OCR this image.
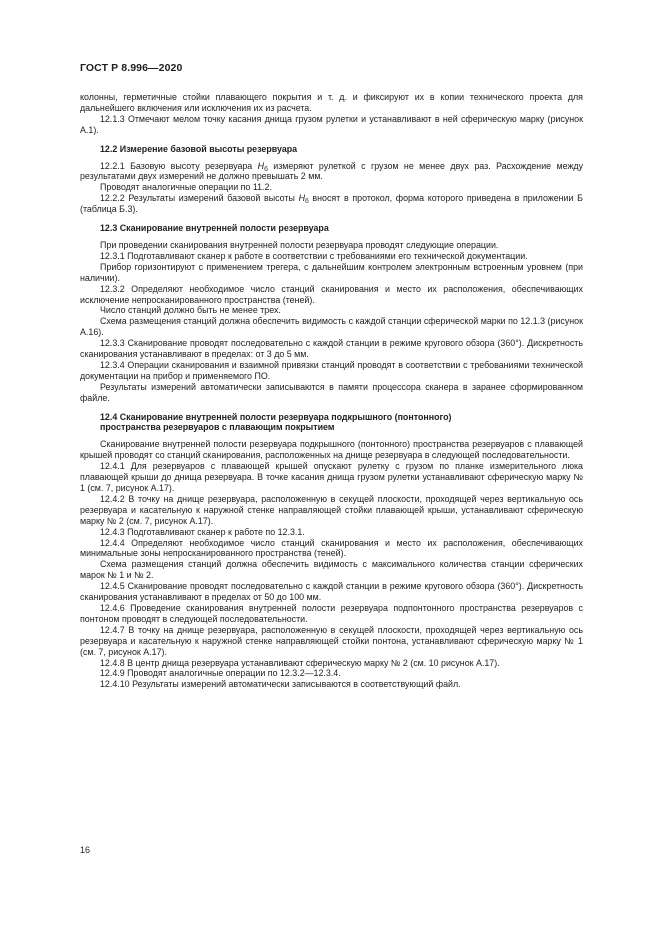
ГОСТ Р 8.996—2020

колонны, герметичные стойки плавающего покрытия и т. д. и фиксируют их в копии технического проекта для дальнейшего включения или исключения их из расчета.

12.1.3 Отмечают мелом точку касания днища грузом рулетки и устанавливают в ней сферическую марку (рисунок А.1).

12.2 Измерение базовой высоты резервуара

12.2.1 Базовую высоту резервуара $H_б$ измеряют рулеткой с грузом не менее двух раз. Расхождение между результатами двух измерений не должно превышать 2 мм.

Проводят аналогичные операции по 11.2.

12.2.2 Результаты измерений базовой высоты $H_б$ вносят в протокол, форма которого приведена в приложении Б (таблица Б.3).

12.3 Сканирование внутренней полости резервуара

При проведении сканирования внутренней полости резервуара проводят следующие операции.

12.3.1 Подготавливают сканер к работе в соответствии с требованиями его технической документации.

Прибор горизонтируют с применением трегера, с дальнейшим контролем электронным встроенным уровнем (при наличии).

12.3.2 Определяют необходимое число станций сканирования и место их расположения, обеспечивающих исключение непросканированного пространства (теней).

Число станций должно быть не менее трех.

Схема размещения станций должна обеспечить видимость с каждой станции сферической марки по 12.1.3 (рисунок А.16).

12.3.3 Сканирование проводят последовательно с каждой станции в режиме кругового обзора (360°). Дискретность сканирования устанавливают в пределах: от 3 до 5 мм.

12.3.4 Операции сканирования и взаимной привязки станций проводят в соответствии с требованиями технической документации на прибор и применяемого ПО.

Результаты измерений автоматически записываются в памяти процессора сканера в заранее сформированном файле.

12.4 Сканирование внутренней полости резервуара подкрышного (понтонного)
пространства резервуаров с плавающим покрытием

Сканирование внутренней полости резервуара подкрышного (понтонного) пространства резервуаров с плавающей крышей проводят со станций сканирования, расположенных на днище резервуара в следующей последовательности.

12.4.1 Для резервуаров с плавающей крышей опускают рулетку с грузом по планке измерительного люка плавающей крыши до днища резервуара. В точке касания днища грузом рулетки устанавливают сферическую марку № 1 (см. 7, рисунок А.17).

12.4.2 В точку на днище резервуара, расположенную в секущей плоскости, проходящей через вертикальную ось резервуара и касательную к наружной стенке направляющей стойки плавающей крыши, устанавливают сферическую марку № 2 (см. 7, рисунок А.17).

12.4.3 Подготавливают сканер к работе по 12.3.1.

12.4.4 Определяют необходимое число станций сканирования и место их расположения, обеспечивающих минимальные зоны непросканированного пространства (теней).

Схема размещения станций должна обеспечить видимость с максимального количества станции сферических марок № 1 и № 2.

12.4.5 Сканирование проводят последовательно с каждой станции в режиме кругового обзора (360°). Дискретность сканирования устанавливают в пределах от 50 до 100 мм.

12.4.6 Проведение сканирования внутренней полости резервуара подпонтонного пространства резервуаров с понтоном проводят в следующей последовательности.

12.4.7 В точку на днище резервуара, расположенную в секущей плоскости, проходящей через вертикальную ось резервуара и касательную к наружной стенке направляющей стойки понтона, устанавливают сферическую марку № 1 (см. 7, рисунок А.17).

12.4.8 В центр днища резервуара устанавливают сферическую марку № 2 (см. 10 рисунок А.17).

12.4.9 Проводят аналогичные операции по 12.3.2—12.3.4.

12.4.10 Результаты измерений автоматически записываются в соответствующий файл.

16
